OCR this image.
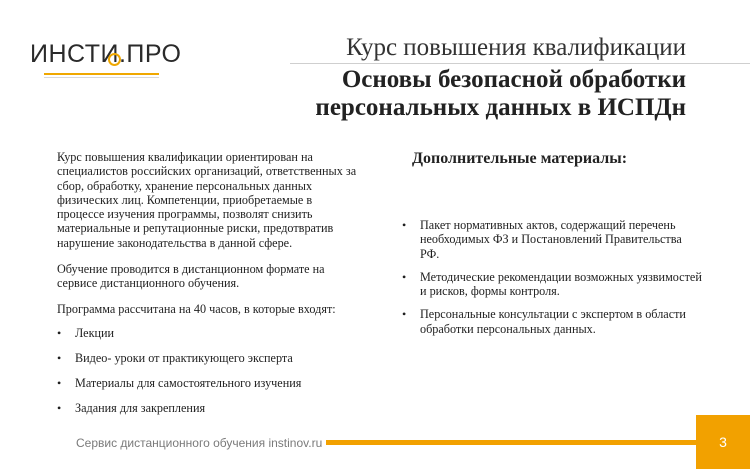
ИНСТИ.ПРО	Курс повышения квалификации
Основы безопасной обработки
персональных данных в ИСПДн

Курс повышения квалификации ориентирован на специалистов российских организаций, ответственных за сбор, обработку, хранение персональных данных физических лиц. Компетенции, приобретаемые в процессе изучения программы, позволят снизить материальные и репутационные риски, предотвратив нарушение законодательства в данной сфере.

Обучение проводится в дистанционном формате на сервисе дистанционного обучения.

Программа рассчитана на 40 часов, в которые входят:

• Лекции
• Видео- уроки от практикующего эксперта
• Материалы для самостоятельного изучения
• Задания для закрепления
Дополнительные материалы:
• Пакет нормативных актов, содержащий перечень необходимых ФЗ и Постановлений Правительства РФ.
• Методические рекомендации возможных уязвимостей и рисков, формы контроля.
• Персональные консультации с экспертом в области обработки персональных данных.
Сервис дистанционного обучения instinov.ru	3
